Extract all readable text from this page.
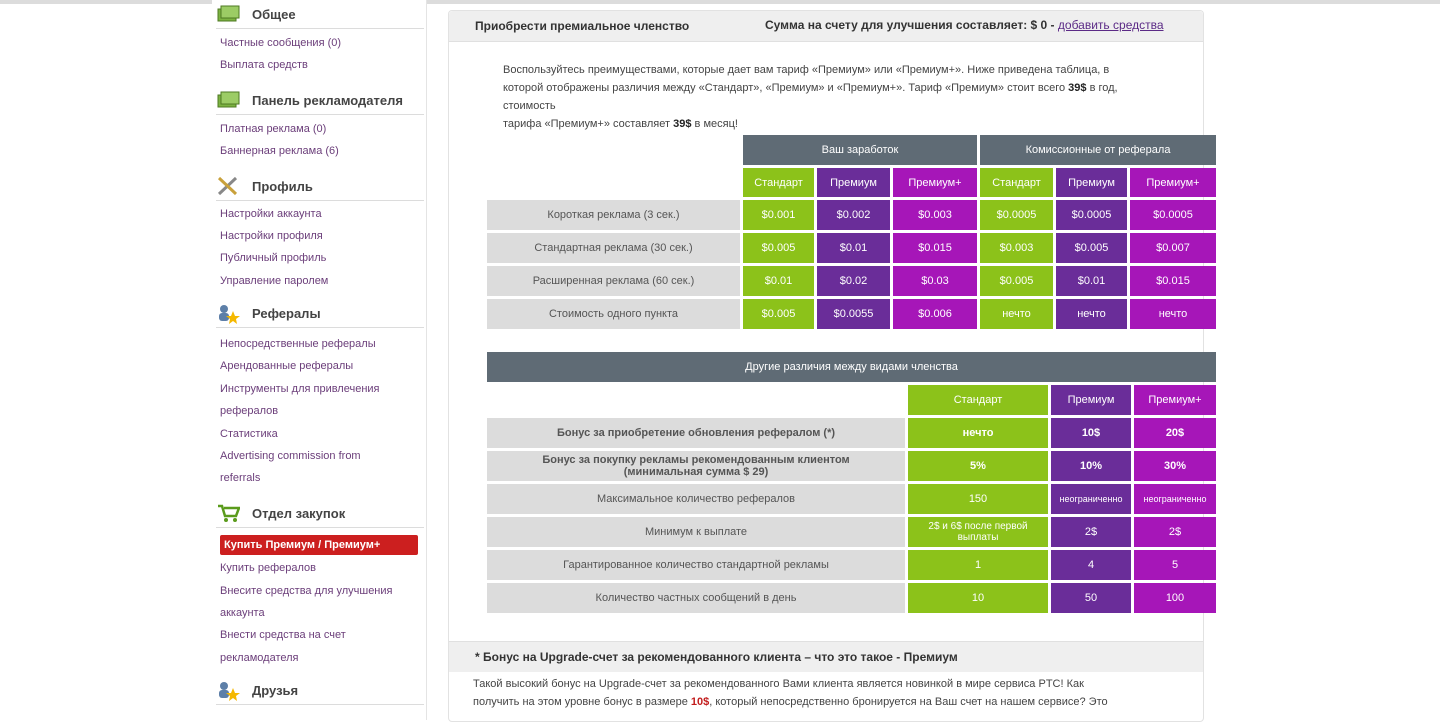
Общее
Частные сообщения (0)
Выплата средств
Панель рекламодателя
Платная реклама (0)
Баннерная реклама (6)
Профиль
Настройки аккаунта
Настройки профиля
Публичный профиль
Управление паролем
Рефералы
Непосредственные рефералы
Арендованные рефералы
Инструменты для привлечения
рефералов
Статистика
Advertising commission from
referrals
Отдел закупок
Купить Премиум / Премиум+
Купить рефералов
Внесите средства для улучшения
аккаунта
Внести средства на счет
рекламодателя
Друзья
Приобрести премиальное членство	Сумма на счету для улучшения составляет: $ 0 - добавить средства
Воспользуйтесь преимуществами, которые дает вам тариф «Премиум» или «Премиум+». Ниже приведена таблица, в которой отображены различия между «Стандарт», «Премиум» и «Премиум+». Тариф «Премиум» стоит всего 39$ в год, стоимость
тарифа «Премиум+» составляет 39$ в месяц!
Ваш заработок	Комиссионные от реферала
Стандарт	Премиум	Премиум+	Стандарт	Премиум	Премиум+
Короткая реклама (3 сек.)	$0.001	$0.002	$0.003	$0.0005	$0.0005	$0.0005
Стандартная реклама (30 сек.)	$0.005	$0.01	$0.015	$0.003	$0.005	$0.007
Расширенная реклама (60 сек.)	$0.01	$0.02	$0.03	$0.005	$0.01	$0.015
Стоимость одного пункта	$0.005	$0.0055	$0.006	нечто	нечто	нечто
Другие различия между видами членства
Стандарт	Премиум	Премиум+
Бонус за приобретение обновления рефералом (*)	нечто	10$	20$
Бонус за покупку рекламы рекомендованным клиентом (минимальная сумма $ 29)	5%	10%	30%
Максимальное количество рефералов	150	неограниченно	неограниченно
Минимум к выплате	2$ и 6$ после первой выплаты	2$	2$
Гарантированное количество стандартной рекламы	1	4	5
Количество частных сообщений в день	10	50	100
* Бонус на Upgrade-счет за рекомендованного клиента – что это такое - Премиум
Такой высокий бонус на Upgrade-счет за рекомендованного Вами клиента является новинкой в мире сервиса PTC! Как
получить на этом уровне бонус в размере 10$, который непосредственно бронируется на Ваш счет на нашем сервисе? Это
